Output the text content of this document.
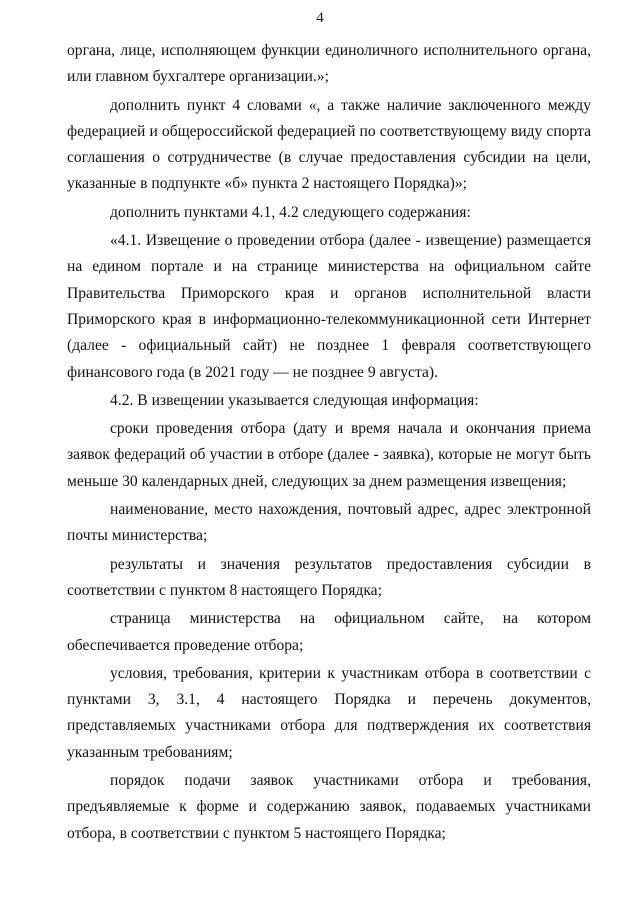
4

органа, лице, исполняющем функции единоличного исполнительного органа, или главном бухгалтере организации.»;

дополнить пункт 4 словами «, а также наличие заключенного между федерацией и общероссийской федерацией по соответствующему виду спорта соглашения о сотрудничестве (в случае предоставления субсидии на цели, указанные в подпункте «б» пункта 2 настоящего Порядка)»;

дополнить пунктами 4.1, 4.2 следующего содержания:

«4.1. Извещение о проведении отбора (далее - извещение) размещается на едином портале и на странице министерства на официальном сайте Правительства Приморского края и органов исполнительной власти Приморского края в информационно-телекоммуникационной сети Интернет (далее - официальный сайт) не позднее 1 февраля соответствующего финансового года (в 2021 году — не позднее 9 августа).

4.2. В извещении указывается следующая информация:

сроки проведения отбора (дату и время начала и окончания приема заявок федераций об участии в отборе (далее - заявка), которые не могут быть меньше 30 календарных дней, следующих за днем размещения извещения;

наименование, место нахождения, почтовый адрес, адрес электронной почты министерства;

результаты и значения результатов предоставления субсидии в соответствии с пунктом 8 настоящего Порядка;

страница министерства на официальном сайте, на котором обеспечивается проведение отбора;

условия, требования, критерии к участникам отбора в соответствии с пунктами 3, 3.1, 4 настоящего Порядка и перечень документов, представляемых участниками отбора для подтверждения их соответствия указанным требованиям;

порядок подачи заявок участниками отбора и требования, предъявляемые к форме и содержанию заявок, подаваемых участниками отбора, в соответствии с пунктом 5 настоящего Порядка;
